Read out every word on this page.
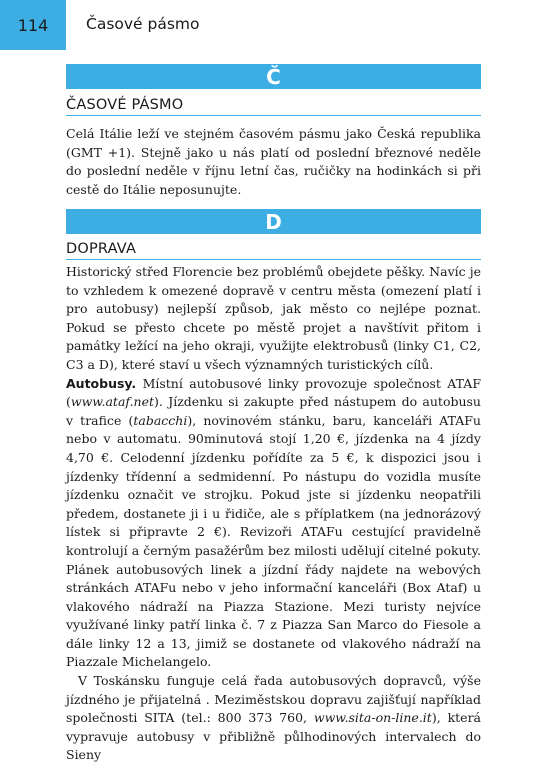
114	Časové pásmo
Č
ČASOVÉ PÁSMO

Celá Itálie leží ve stejném časovém pásmu jako Česká republika (GMT +1). Stejně jako u nás platí od poslední březnové neděle do poslední neděle v říjnu letní čas, ručičky na hodinkách si při cestě do Itálie neposunujte.

D
DOPRAVA

Historický střed Florencie bez problémů obejdete pěšky. Navíc je to vzhledem k omezené dopravě v centru města (omezení platí i pro autobusy) nejlepší způsob, jak město co nejlépe poznat. Pokud se přesto chcete po městě projet a navštívit přitom i památky ležící na jeho okraji, využijte elektrobusů (linky C1, C2, C3 a D), které staví u všech významných turistických cílů.

Autobusy. Místní autobusové linky provozuje společnost ATAF (www.ataf.net). Jízdenku si zakupte před nástupem do autobusu v trafice (tabacchi), novinovém stánku, baru, kanceláři ATAFu nebo v automatu. 90minutová stojí 1,20 €, jízdenka na 4 jízdy 4,70 €. Celodenní jízdenku pořídíte za 5 €, k dispozici jsou i jízdenky třídenní a sedmidenní. Po nástupu do vozidla musíte jízdenku označit ve strojku. Pokud jste si jízdenku neopatřili předem, dostanete ji i u řidiče, ale s příplatkem (na jednorázový lístek si připravte 2 €). Revizoři ATAFu cestující pravidelně kontrolují a černým pasažérům bez milosti udělují citelné pokuty. Plánek autobusových linek a jízdní řády najdete na webových stránkách ATAFu nebo v jeho informační kanceláři (Box Ataf) u vlakového nádraží na Piazza Stazione. Mezi turisty nejvíce využívané linky patří linka č. 7 z Piazza San Marco do Fiesole a dále linky 12 a 13, jimiž se dostanete od vlakového nádraží na Piazzale Michelangelo.

V Toskánsku funguje celá řada autobusových dopravců, výše jízdného je přijatelná . Meziměstskou dopravu zajišťují například společnosti SITA (tel.: 800 373 760, www.sita-on-line.it), která vypravuje autobusy v přibližně půlhodinových intervalech do Sieny
